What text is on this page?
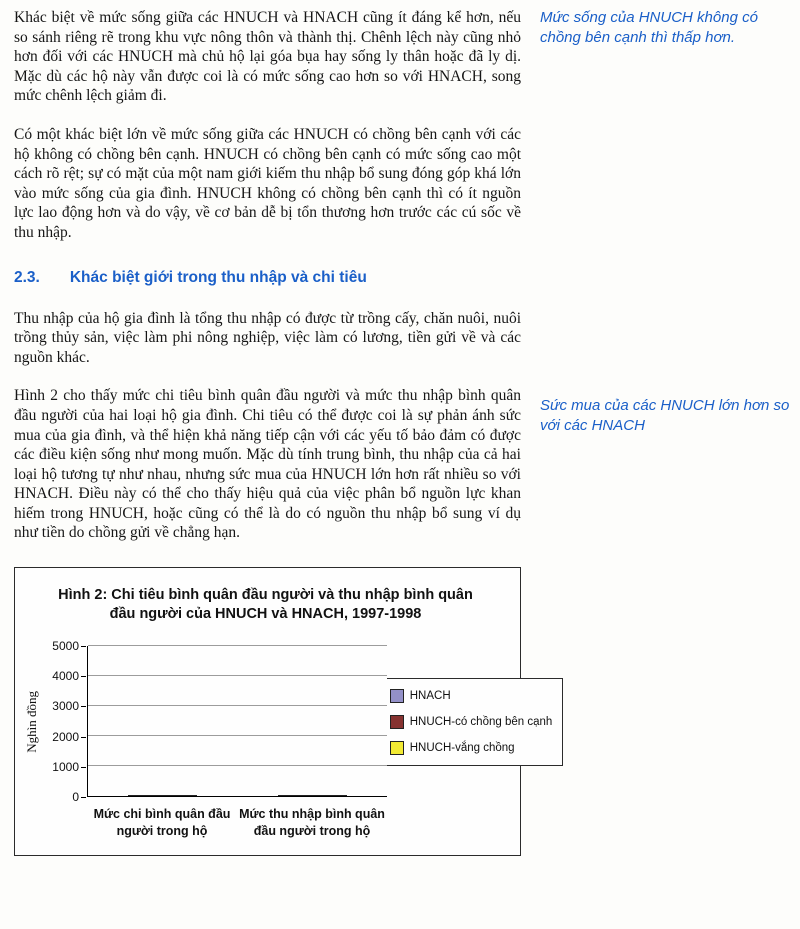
Khác biệt về mức sống giữa các HNUCH và HNACH cũng ít đáng kể hơn, nếu so sánh riêng rẽ trong khu vực nông thôn và thành thị. Chênh lệch này cũng nhỏ hơn đối với các HNUCH mà chủ hộ lại góa bụa hay sống ly thân hoặc đã ly dị. Mặc dù các hộ này vẫn được coi là có mức sống cao hơn so với HNACH, song mức chênh lệch giảm đi.

Có một khác biệt lớn về mức sống giữa các HNUCH có chồng bên cạnh với các hộ không có chồng bên cạnh. HNUCH có chồng bên cạnh có mức sống cao một cách rõ rệt; sự có mặt của một nam giới kiếm thu nhập bổ sung đóng góp khá lớn vào mức sống của gia đình. HNUCH không có chồng bên cạnh thì có ít nguồn lực lao động hơn và do vậy, về cơ bản dễ bị tổn thương hơn trước các cú sốc về thu nhập.

2.3. Khác biệt giới trong thu nhập và chi tiêu

Thu nhập của hộ gia đình là tổng thu nhập có được từ trồng cấy, chăn nuôi, nuôi trồng thủy sản, việc làm phi nông nghiệp, việc làm có lương, tiền gửi về và các nguồn khác.

Hình 2 cho thấy mức chi tiêu bình quân đầu người và mức thu nhập bình quân đầu người của hai loại hộ gia đình. Chi tiêu có thể được coi là sự phản ánh sức mua của gia đình, và thể hiện khả năng tiếp cận với các yếu tố bảo đảm có được các điều kiện sống như mong muốn. Mặc dù tính trung bình, thu nhập của cả hai loại hộ tương tự như nhau, nhưng sức mua của HNUCH lớn hơn rất nhiều so với HNACH. Điều này có thể cho thấy hiệu quả của việc phân bổ nguồn lực khan hiếm trong HNUCH, hoặc cũng có thể là do có nguồn thu nhập bổ sung ví dụ như tiền do chồng gửi về chẳng hạn.

Hình 2: Chi tiêu bình quân đầu người và thu nhập bình quân đầu người của HNUCH và HNACH, 1997-1998
Nghìn đồng
0
1000
2000
3000
4000
5000
Mức chi bình quân đầu người trong hộ
Mức thu nhập bình quân đầu người trong hộ
HNACH
HNUCH-có chồng bên cạnh
HNUCH-vắng chồng
Mức sống của HNUCH không có chồng bên cạnh thì thấp hơn.
Sức mua của các HNUCH lớn hơn so với các HNACH
